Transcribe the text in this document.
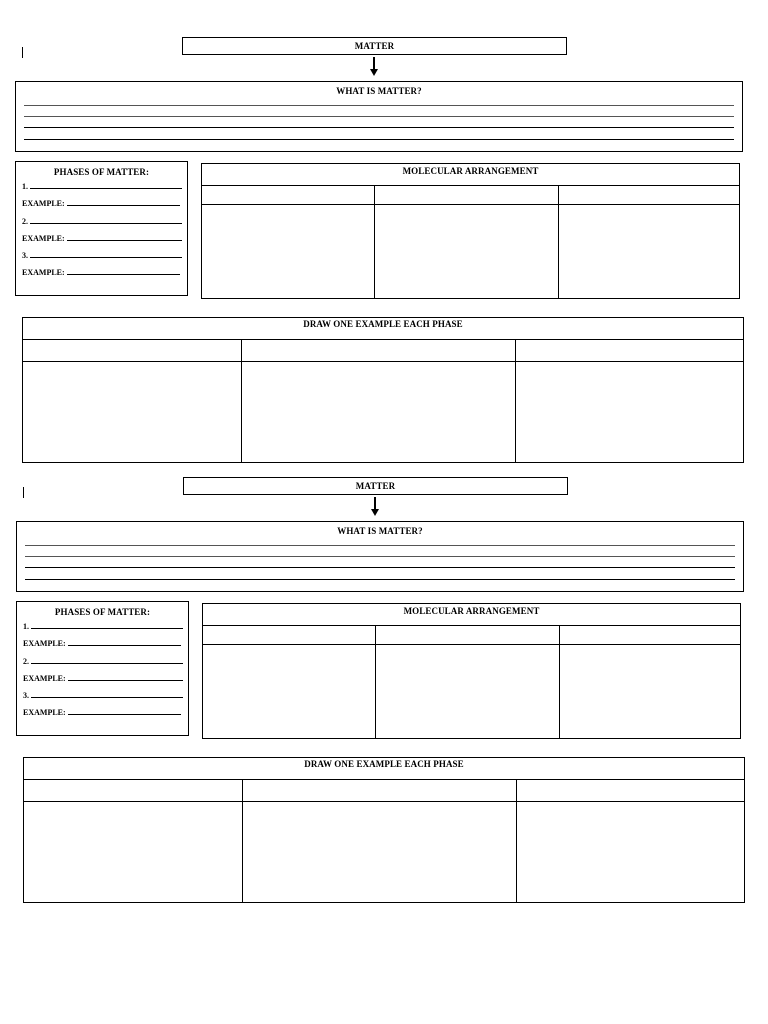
MATTER
WHAT IS MATTER?
PHASES OF MATTER:
1.
EXAMPLE:
2.
EXAMPLE:
3.
EXAMPLE:
MOLECULAR ARRANGEMENT
DRAW ONE EXAMPLE EACH PHASE
MATTER
WHAT IS MATTER?
PHASES OF MATTER:
1.
EXAMPLE:
2.
EXAMPLE:
3.
EXAMPLE:
MOLECULAR ARRANGEMENT
DRAW ONE EXAMPLE EACH PHASE
